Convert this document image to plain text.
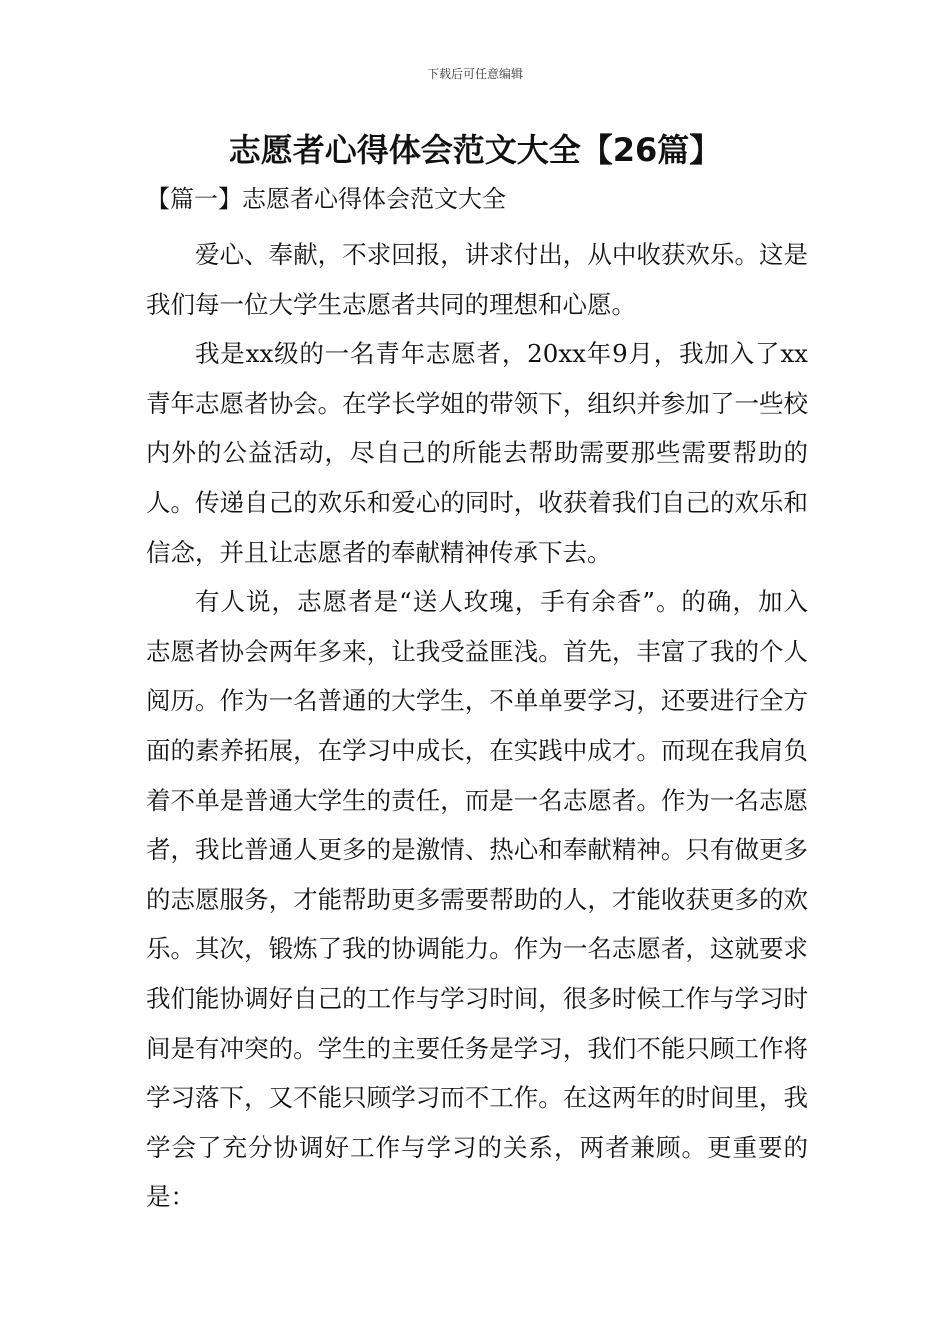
下载后可任意编辑
志愿者心得体会范文大全【26篇】
【篇一】志愿者心得体会范文大全

爱心、奉献，不求回报，讲求付出，从中收获欢乐。这是我们每一位大学生志愿者共同的理想和心愿。

我是xx级的一名青年志愿者，20xx年9月，我加入了xx青年志愿者协会。在学长学姐的带领下，组织并参加了一些校内外的公益活动，尽自己的所能去帮助需要那些需要帮助的人。传递自己的欢乐和爱心的同时，收获着我们自己的欢乐和信念，并且让志愿者的奉献精神传承下去。

有人说，志愿者是“送人玫瑰，手有余香”。的确，加入志愿者协会两年多来，让我受益匪浅。首先，丰富了我的个人阅历。作为一名普通的大学生，不单单要学习，还要进行全方面的素养拓展，在学习中成长，在实践中成才。而现在我肩负着不单是普通大学生的责任，而是一名志愿者。作为一名志愿者，我比普通人更多的是激情、热心和奉献精神。只有做更多的志愿服务，才能帮助更多需要帮助的人，才能收获更多的欢乐。其次，锻炼了我的协调能力。作为一名志愿者，这就要求我们能协调好自己的工作与学习时间，很多时候工作与学习时间是有冲突的。学生的主要任务是学习，我们不能只顾工作将学习落下，又不能只顾学习而不工作。在这两年的时间里，我学会了充分协调好工作与学习的关系，两者兼顾。更重要的是：
